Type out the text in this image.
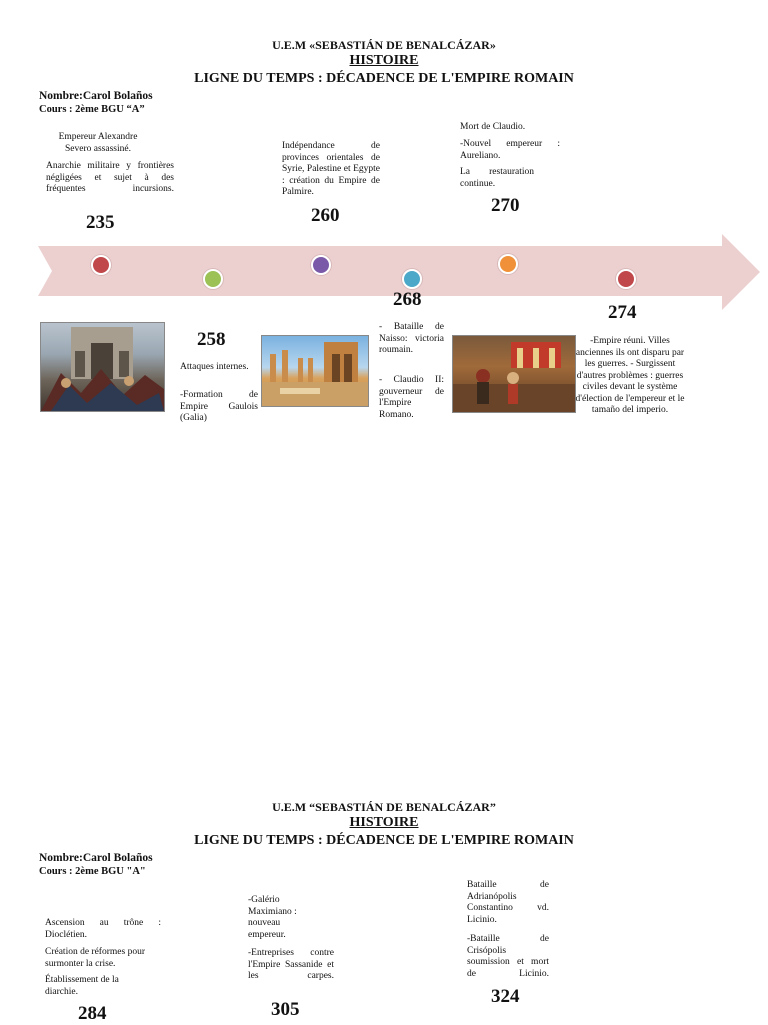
U.E.M «SEBASTIÁN DE BENALCÁZAR»
HISTOIRE
LIGNE DU TEMPS : DÉCADENCE DE L'EMPIRE ROMAIN
Nombre:Carol Bolaños
Cours : 2ème BGU “A”
Empereur Alexandre Severo assassiné.
Anarchie militaire y frontières négligées et sujet à des fréquentes incursions.
235
Indépendance de provinces orientales de Syrie, Palestine et Egypte : création du Empire de Palmire.
260
Mort de Claudio.
-Nouvel empereur : Aureliano.
La restauration continue.
270
258
Attaques internes.
-Formation de Empire Gaulois (Galia)
268
- Bataille de Naisso: victoria roumain.
- Claudio II: gouverneur de l'Empire Romano.
274
-Empire réuni. Villes anciennes ils ont disparu par les guerres. - Surgissent d'autres problèmes : guerres civiles devant le système d'élection de l'empereur et le tamaño del imperio.
U.E.M “SEBASTIÁN DE BENALCÁZAR”
HISTOIRE
LIGNE DU TEMPS : DÉCADENCE DE L'EMPIRE ROMAIN
Nombre:Carol Bolaños
Cours : 2ème BGU "A"
Ascension au trône : Dioclétien.
Création de réformes pour surmonter la crise.
Établissement de la diarchie.
284
-Galério Maximiano : nouveau empereur.
-Entreprises contre l'Empire Sassanide et les carpes.
305
Bataille de Adrianópolis Constantino vd. Licinio.
-Bataille de Crisópolis soumission et mort de Licinio.
324
